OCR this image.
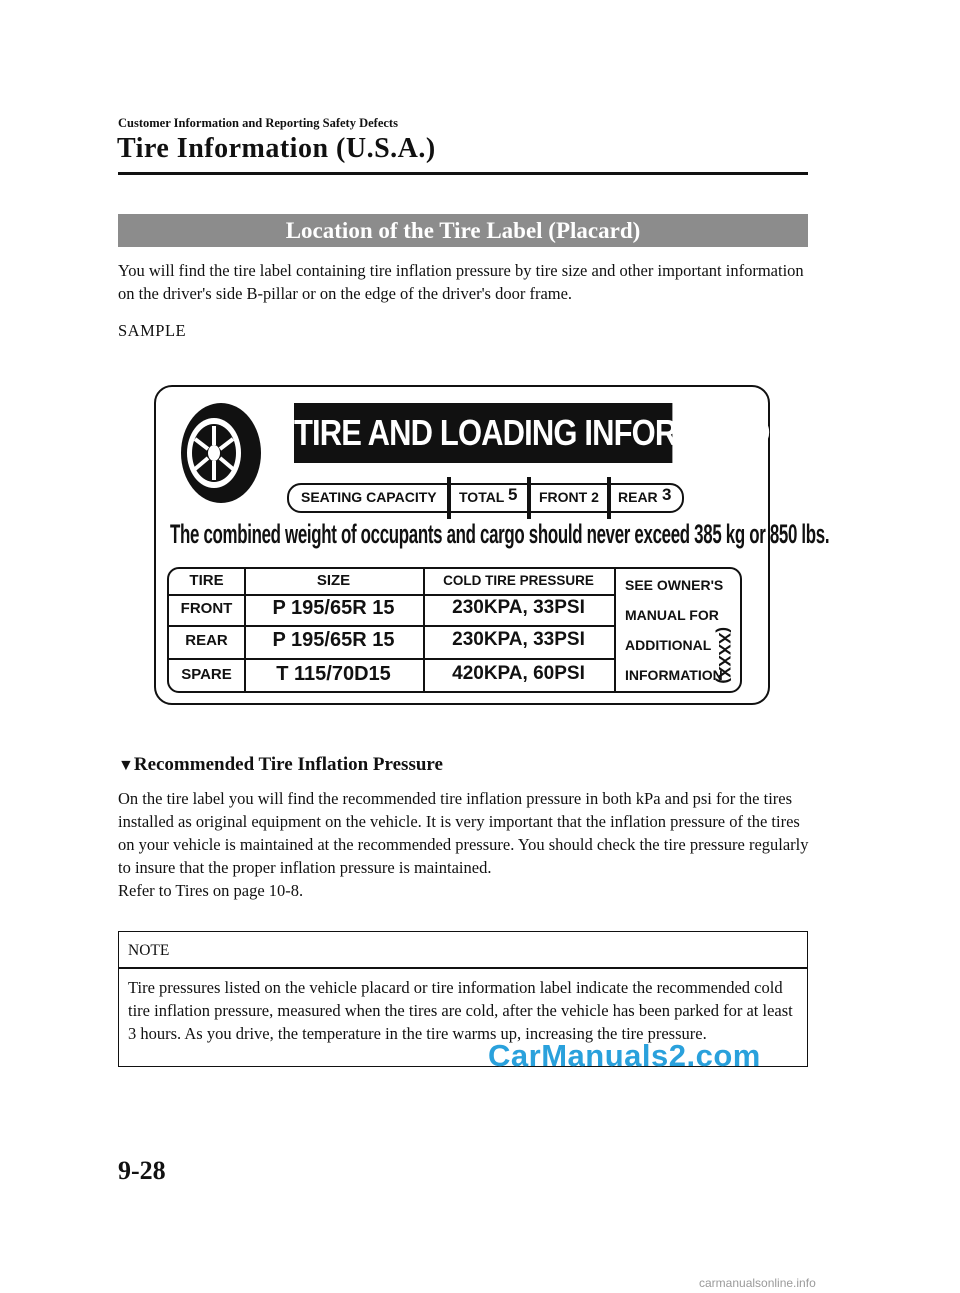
Customer Information and Reporting Safety Defects
Tire Information (U.S.A.)
Location of the Tire Label (Placard)
You will find the tire label containing tire inflation pressure by tire size and other important information on the driver's side B-pillar or on the edge of the driver's door frame.
SAMPLE
TIRE AND LOADING INFORMATION
SEATING CAPACITY TOTAL 5 FRONT 2 REAR 3
The combined weight of occupants and cargo should never exceed 385 kg or 850 lbs.
TIRE	SIZE	COLD TIRE PRESSURE
FRONT	P 195/65R 15	230KPA, 33PSI
REAR	P 195/65R 15	230KPA, 33PSI
SPARE	T 115/70D15	420KPA, 60PSI
SEE OWNER'S
MANUAL FOR
ADDITIONAL
INFORMATION
(XXXX)
▼Recommended Tire Inflation Pressure
On the tire label you will find the recommended tire inflation pressure in both kPa and psi for the tires installed as original equipment on the vehicle. It is very important that the inflation pressure of the tires on your vehicle is maintained at the recommended pressure. You should check the tire pressure regularly to insure that the proper inflation pressure is maintained.
Refer to Tires on page 10-8.
NOTE
Tire pressures listed on the vehicle placard or tire information label indicate the recommended cold tire inflation pressure, measured when the tires are cold, after the vehicle has been parked for at least 3 hours. As you drive, the temperature in the tire warms up, increasing the tire pressure.
CarManuals2.com
9-28
carmanualsonline.info
